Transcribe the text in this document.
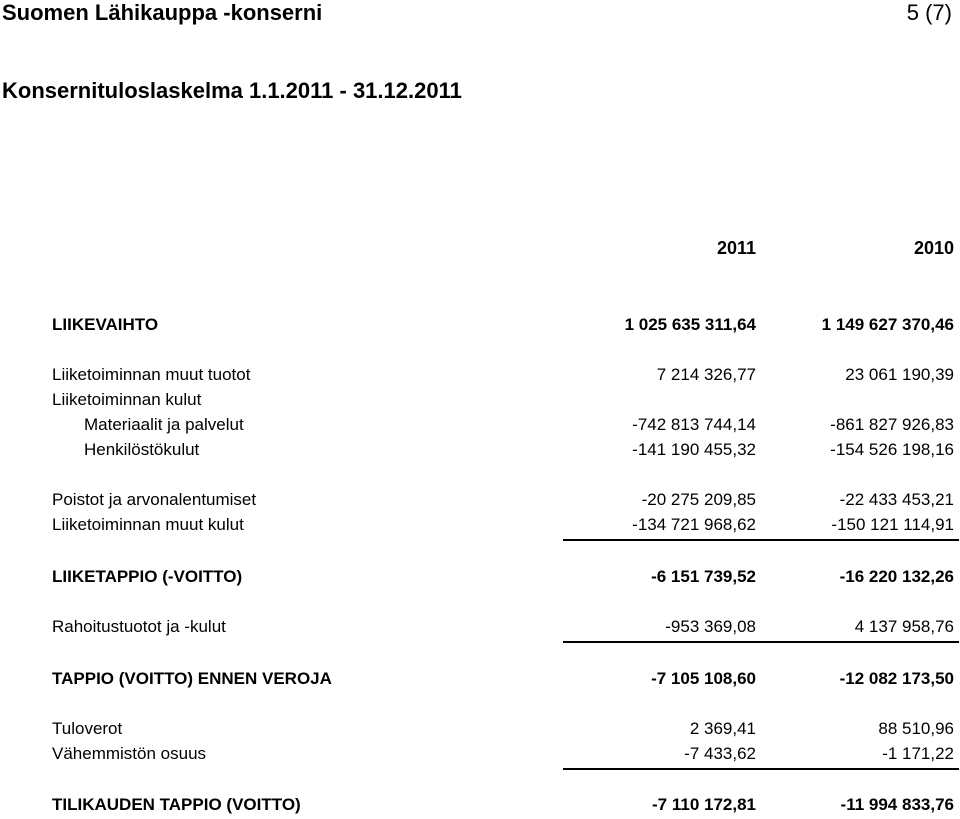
Suomen Lähikauppa -konserni	5 (7)
Konsernituloslaskelma 1.1.2011 - 31.12.2011
2011	2010
LIIKEVAIHTO	1 025 635 311,64	1 149 627 370,46
Liiketoiminnan muut tuotot	7 214 326,77	23 061 190,39
Liiketoiminnan kulut
Materiaalit ja palvelut	-742 813 744,14	-861 827 926,83
Henkilöstökulut	-141 190 455,32	-154 526 198,16
Poistot ja arvonalentumiset	-20 275 209,85	-22 433 453,21
Liiketoiminnan muut kulut	-134 721 968,62	-150 121 114,91
LIIKETAPPIO (-VOITTO)	-6 151 739,52	-16 220 132,26
Rahoitustuotot ja -kulut	-953 369,08	4 137 958,76
TAPPIO (VOITTO) ENNEN VEROJA	-7 105 108,60	-12 082 173,50
Tuloverot	2 369,41	88 510,96
Vähemmistön osuus	-7 433,62	-1 171,22
TILIKAUDEN TAPPIO (VOITTO)	-7 110 172,81	-11 994 833,76
